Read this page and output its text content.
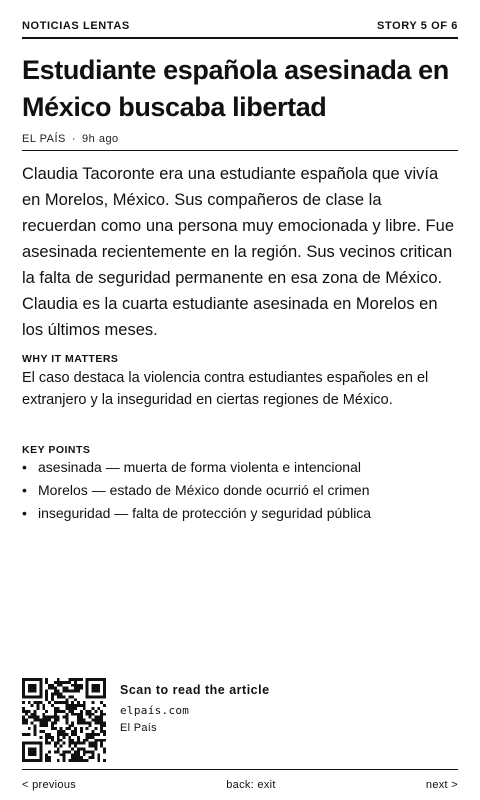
NOTICIAS LENTAS	STORY 5 OF 6
Estudiante española asesinada en México buscaba libertad
EL PAÍS · 9h ago

Claudia Tacoronte era una estudiante española que vivía en Morelos, México. Sus compañeros de clase la recuerdan como una persona muy emocionada y libre. Fue asesinada recientemente en la región. Sus vecinos critican la falta de seguridad permanente en esa zona de México. Claudia es la cuarta estudiante asesinada en Morelos en los últimos meses.

WHY IT MATTERS

El caso destaca la violencia contra estudiantes españoles en el extranjero y la inseguridad en ciertas regiones de México.

KEY POINTS
• asesinada — muerta de forma violenta e intencional
• Morelos — estado de México donde ocurrió el crimen
• inseguridad — falta de protección y seguridad pública
Scan to read the article
elpaís.com
El País
< previous	back: exit	next >
